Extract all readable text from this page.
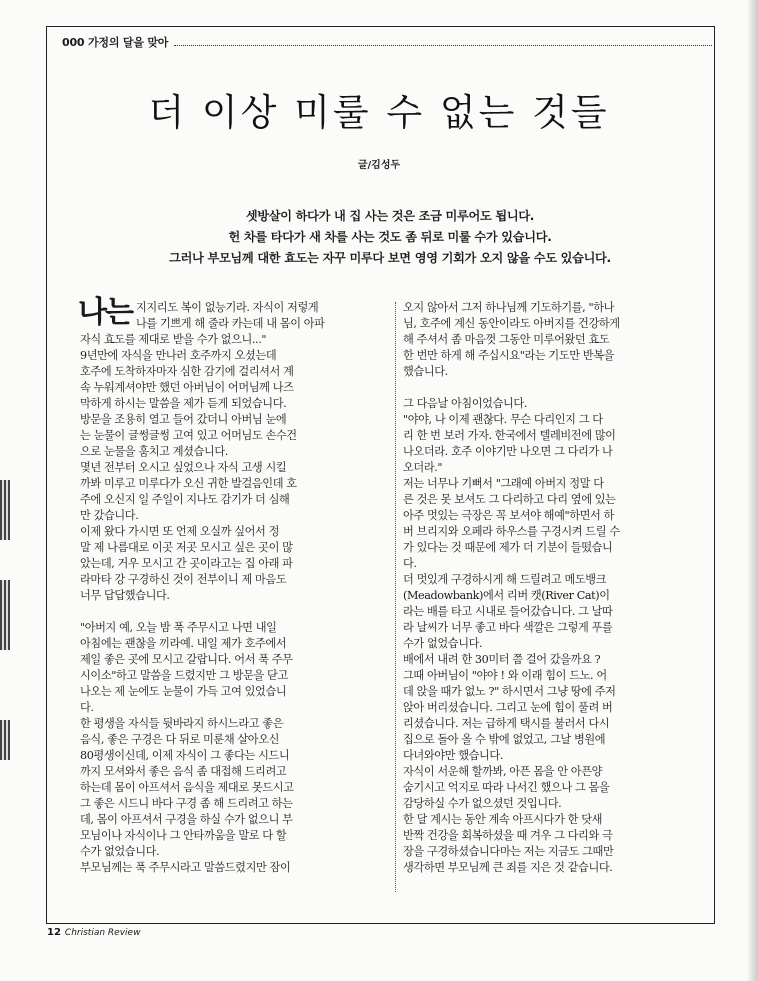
000 가정의 달을 맞아
더 이상 미룰 수 없는 것들
글/김성두
셋방살이 하다가 내 집 사는 것은 조금 미루어도 됩니다.
헌 차를 타다가 새 차를 사는 것도 좀 뒤로 미룰 수가 있습니다.
그러나 부모님께 대한 효도는 자꾸 미루다 보면 영영 기회가 오지 않을 수도 있습니다.
나는 지지리도 복이 없능기라. 자식이 저렇게
나를 기쁘게 해 줄라 카는데 내 몸이 아파
자식 효도를 제대로 받을 수가 없으니..."

9년만에 자식을 만나러 호주까지 오셨는데
호주에 도착하자마자 심한 감기에 걸리셔서 계
속 누워계셔야만 했던 아버님이 어머님께 나즈
막하게 하시는 말씀을 제가 듣게 되었습니다.

방문을 조용히 열고 들어 갔더니 아버님 눈에
는 눈물이 글썽글썽 고여 있고 어머님도 손수건
으로 눈물을 훔치고 계셨습니다.

몇년 전부터 오시고 싶었으나 자식 고생 시킬
까봐 미루고 미루다가 오신 귀한 발걸음인데 호
주에 오신지 일 주일이 지나도 감기가 더 심해
만 갔습니다.

이제 왔다 가시면 또 언제 오실까 싶어서 정
말 제 나름대로 이곳 저곳 모시고 싶은 곳이 많
았는데, 거우 모시고 간 곳이라고는 집 아래 파
라마타 강 구경하신 것이 전부이니 제 마음도
너무 답답했습니다.

"아버지 예, 오늘 밤 푹 주무시고 나면 내일
아침에는 괜찮을 끼라예. 내일 제가 호주에서
제일 좋은 곳에 모시고 갈랍니다. 어서 푹 주무
시이소"하고 말씀을 드렸지만 그 방문을 닫고
나오는 제 눈에도 눈물이 가득 고여 있었습니
다.

한 평생을 자식들 뒷바라지 하시느라고 좋은
음식, 좋은 구경은 다 뒤로 미룬채 살아오신
80평생이신데, 이제 자식이 그 좋다는 시드니
까지 모셔와서 좋은 음식 좀 대접해 드리려고
하는데 몸이 아프셔서 음식을 제대로 못드시고
그 좋은 시드니 바다 구경 좀 해 드리려고 하는
데, 몸이 아프셔서 구경을 하실 수가 없으니 부
모님이나 자식이나 그 안타까움을 말로 다 할
수가 없었습니다.

부모님께는 푹 주무시라고 말씀드렸지만 잠이

오지 않아서 그저 하나님께 기도하기를, "하나
님, 호주에 계신 동안이라도 아버지를 건강하게
해 주셔서 좀 마음껏 그동안 미루어왔던 효도
한 번만 하게 해 주십시요"라는 기도만 반복을
했습니다.

그 다음날 아침이었습니다.
"야야, 나 이제 괜찮다. 무슨 다리인지 그 다
리 한 번 보러 가자. 한국에서 텔레비전에 많이
나오더라. 호주 이야기만 나오면 그 다리가 나
오더라."

저는 너무나 기뻐서 "그래예 아버지 정말 다
른 것은 못 보셔도 그 다리하고 다리 옆에 있는
아주 멋있는 극장은 꼭 보셔야 해예"하면서 하
버 브리지와 오페라 하우스를 구경시켜 드릴 수
가 있다는 것 때문에 제가 더 기분이 들떴습니
다.

더 멋있게 구경하시게 해 드릴려고 메도뱅크
(Meadowbank)에서 리버 캣(River Cat)이
라는 배를 타고 시내로 들어갔습니다. 그 날따
라 날씨가 너무 좋고 바다 색깔은 그렇게 푸를
수가 없었습니다.

배에서 내려 한 30미터 쯤 걸어 갔을까요 ?
그때 아버님이 "야야 ! 와 이래 힘이 드노. 어
데 앉을 때가 없노 ?" 하시면서 그냥 땅에 주저
앉아 버리셨습니다. 그리고 눈에 힘이 풀려 버
리셨습니다. 저는 급하게 택시를 불러서 다시
집으로 돌아 올 수 밖에 없었고, 그날 병원에
다녀와야만 했습니다.

자식이 서운해 할까봐, 아픈 몸을 안 아픈양
숨기시고 억지로 따라 나서긴 했으나 그 몸을
감당하실 수가 없으셨던 것입니다.

한 달 계시는 동안 계속 아프시다가 한 닷새
반짝 건강을 회복하셨을 때 겨우 그 다리와 극
장을 구경하셨습니다마는 저는 지금도 그때만
생각하면 부모님께 큰 죄를 지은 것 같습니다.

12 Christian Review
